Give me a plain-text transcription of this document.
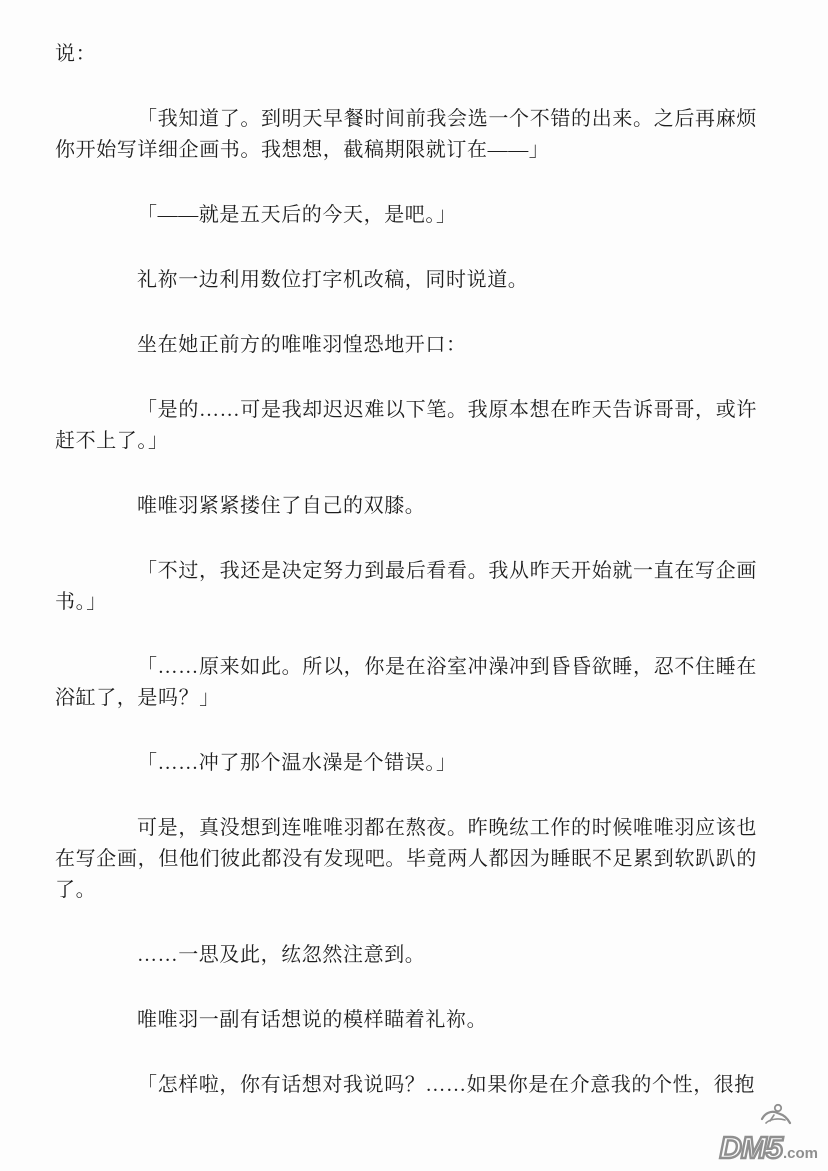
说：

「我知道了。到明天早餐时间前我会选一个不错的出来。之后再麻烦你开始写详细企画书。我想想，截稿期限就订在——」

「——就是五天后的今天，是吧。」

礼祢一边利用数位打字机改稿，同时说道。

坐在她正前方的唯唯羽惶恐地开口：

「是的……可是我却迟迟难以下笔。我原本想在昨天告诉哥哥，或许赶不上了。」

唯唯羽紧紧搂住了自己的双膝。

「不过，我还是决定努力到最后看看。我从昨天开始就一直在写企画书。」

「……原来如此。所以，你是在浴室冲澡冲到昏昏欲睡，忍不住睡在浴缸了，是吗？」

「……冲了那个温水澡是个错误。」

可是，真没想到连唯唯羽都在熬夜。昨晚纮工作的时候唯唯羽应该也在写企画，但他们彼此都没有发现吧。毕竟两人都因为睡眠不足累到软趴趴的了。

……一思及此，纮忽然注意到。

唯唯羽一副有话想说的模样瞄着礼祢。

「怎样啦，你有话想对我说吗？……如果你是在介意我的个性，很抱

DM5 .com
